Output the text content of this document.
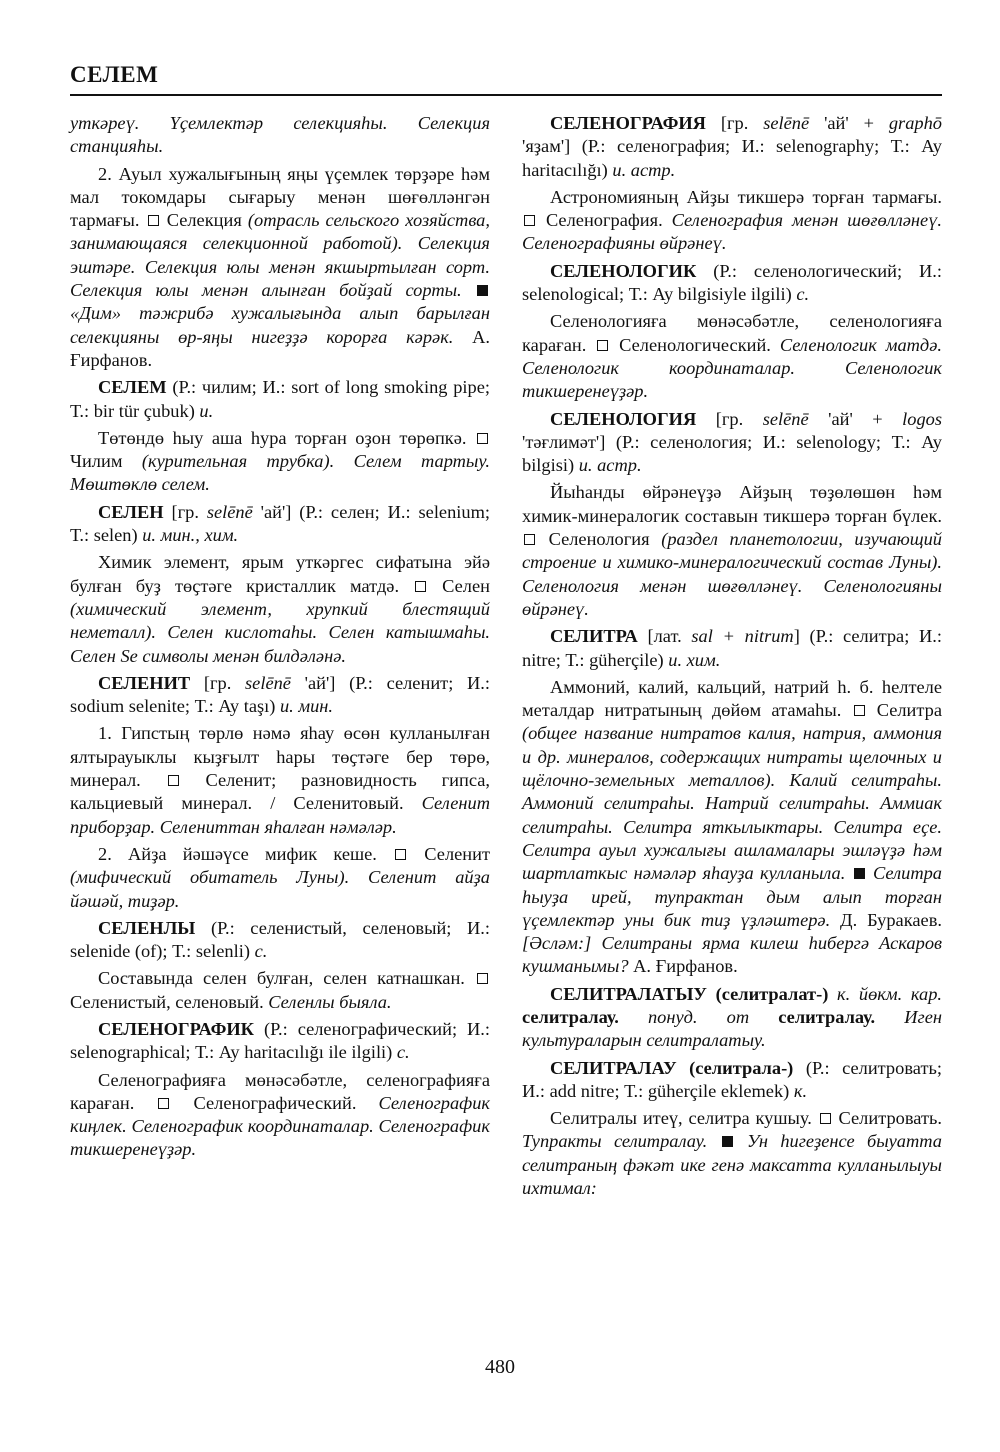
СЕЛЕМ

уткәреү. Үҫемлектәр селекцияһы. Селекция станцияһы.

2. Ауыл хужалығының яңы үҫемлек төрҙәре һәм мал токомдары сығарыу менән шөғөлләнгән тармағы.  Селекция (отрасль сельского хозяйства, занимающаяся селекционной работой). Селекция эштәре. Селекция юлы менән якшыртылған сорт. Селекция юлы менән алынған бойҙай сорты.  «Дим» тәжрибә хужалығында алып барылған селекцияны өр-яңы нигеҙҙә корорға кәрәк. А. Ғирфанов.

СЕЛЕМ (Р.: чилим; И.: sort of long smoking pipe; Т.: bir tür çubuk) и.

Төтөндө һыу аша һура торған оҙон төрөпкә.  Чилим (курительная трубка). Селем тартыу. Мөштөклө селем.

СЕЛЕН [гр. selēnē 'ай'] (Р.: селен; И.: selenium; Т.: selen) и. мин., хим.

Химик элемент, ярым уткәргес сифатына эйә булған буҙ төҫтәге кристаллик матдә.  Селен (химический элемент, хрупкий блестящий неметалл). Селен кислотаһы. Селен катышмаһы. Селен Se символы менән билдәләнә.

СЕЛЕНИТ [гр. selēnē 'ай'] (Р.: селенит; И.: sodium selenite; Т.: Ay taşı) и. мин.

1. Гипстың төрлө нәмә яһау өсөн кулланылған ялтырауыклы кыҙғылт һары төҫтәге бер төрө, минерал.  Селенит; разновидность гипса, кальциевый минерал. / Селенитовый. Селенит приборҙар. Селениттан яһалған нәмәләр.

2. Айҙа йәшәүсе мифик кеше.  Селенит (мифический обитатель Луны). Селенит айҙа йәшәй, тиҙәр.

СЕЛЕНЛЫ (Р.: селенистый, селеновый; И.: selenide (of); Т.: selenli) с.

Составында селен булған, селен катнашкан.  Селенистый, селеновый. Селенлы быяла.

СЕЛЕНОГРАФИК (Р.: селенографический; И.: selenographical; Т.: Ay haritacılığı ile ilgili) с.

Селенографияға мөнәсәбәтле, селенографияға караған.  Селенографический. Селенографик киңлек. Селенографик координаталар. Селенографик тикшеренеүҙәр.

СЕЛЕНОГРАФИЯ [гр. selēnē 'ай' + graphō 'яҙам'] (Р.: селенография; И.: selenography; Т.: Ay haritacılığı) и. астр.

Астрономияның Айҙы тикшерә торған тармағы.  Селенография. Селенография менән шөғөлләнеү. Селенографияны өйрәнеү.

СЕЛЕНОЛОГИК (Р.: селенологический; И.: selenological; Т.: Ay bilgisiyle ilgili) с.

Селенологияға мөнәсәбәтле, селенологияға караған.  Селенологический. Селенологик матдә. Селенологик координаталар. Селенологик тикшеренеүҙәр.

СЕЛЕНОЛОГИЯ [гр. selēnē 'ай' + logos 'тәғлимәт'] (Р.: селенология; И.: selenology; Т.: Ay bilgisi) и. астр.

Йыһанды өйрәнеүҙә Айҙың төҙөлөшөн һәм химик-минералогик составын тикшерә торған бүлек.  Селенология (раздел планетологии, изучающий строение и химико-минералогический состав Луны). Селенология менән шөғөлләнеү. Селенологияны өйрәнеү.

СЕЛИТРА [лат. sal + nitrum] (Р.: селитра; И.: nitre; Т.: güherçile) и. хим.

Аммоний, калий, кальций, натрий һ. б. һелтеле металдар нитратының дөйөм атамаһы.  Селитра (общее название нитратов калия, натрия, аммония и др. минералов, содержащих нитраты щелочных и щёлочно-земельных металлов). Калий селитраһы. Аммоний селитраһы. Натрий селитраһы. Аммиак селитраһы. Селитра яткылыктары. Селитра еҫе. Селитра ауыл хужалығы ашламалары эшләүҙә һәм шартлаткыс нәмәләр яһауҙа кулланыла.  Селитра һыуҙа ирей, тупрактан дым алып торған үҫемлектәр уны бик тиҙ үҙләштерә. Д. Буракаев. [Әсләм:] Селитраны ярма килеш һибергә Аскаров кушманымы? А. Ғирфанов.

СЕЛИТРАЛАТЫУ (селитралат-) к. йөкм. кар. селитралау. понуд. от селитралау. Иген культураларын селитралатыу.

СЕЛИТРАЛАУ (селитрала-) (Р.: селитровать; И.: add nitre; Т.: güherçile eklemek) к.

Селитралы итеү, селитра кушыу.  Селитровать. Тупракты селитралау.  Ун һигеҙенсе быуатта селитраның фәкәт ике генә максатта кулланылыуы ихтимал:

480
